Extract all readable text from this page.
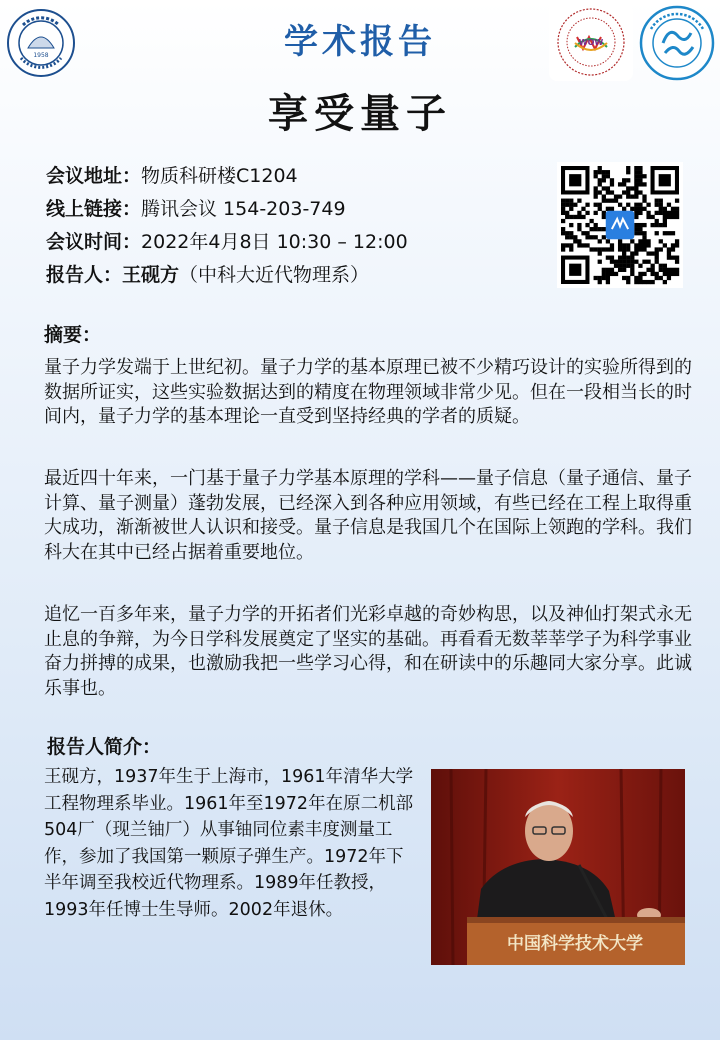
1958
WOW
学术报告
享受量子
会议地址：物质科研楼C1204
线上链接：腾讯会议 154-203-749
会议时间：2022年4月8日 10:30 – 12:00
报告人：王砚方（中科大近代物理系）
摘要：

量子力学发端于上世纪初。量子力学的基本原理已被不少精巧设计的实验所得到的数据所证实，这些实验数据达到的精度在物理领域非常少见。但在一段相当长的时间内，量子力学的基本理论一直受到坚持经典的学者的质疑。

最近四十年来，一门基于量子力学基本原理的学科——量子信息（量子通信、量子计算、量子测量）蓬勃发展，已经深入到各种应用领域，有些已经在工程上取得重大成功，渐渐被世人认识和接受。量子信息是我国几个在国际上领跑的学科。我们科大在其中已经占据着重要地位。

追忆一百多年来，量子力学的开拓者们光彩卓越的奇妙构思，以及神仙打架式永无止息的争辩，为今日学科发展奠定了坚实的基础。再看看无数莘莘学子为科学事业奋力拼搏的成果，也激励我把一些学习心得，和在研读中的乐趣同大家分享。此诚乐事也。

报告人简介：

王砚方，1937年生于上海市，1961年清华大学工程物理系毕业。1961年至1972年在原二机部504厂（现兰铀厂）从事铀同位素丰度测量工作，参加了我国第一颗原子弹生产。1972年下半年调至我校近代物理系。1989年任教授，1993年任博士生导师。2002年退休。

中国科学技术大学
